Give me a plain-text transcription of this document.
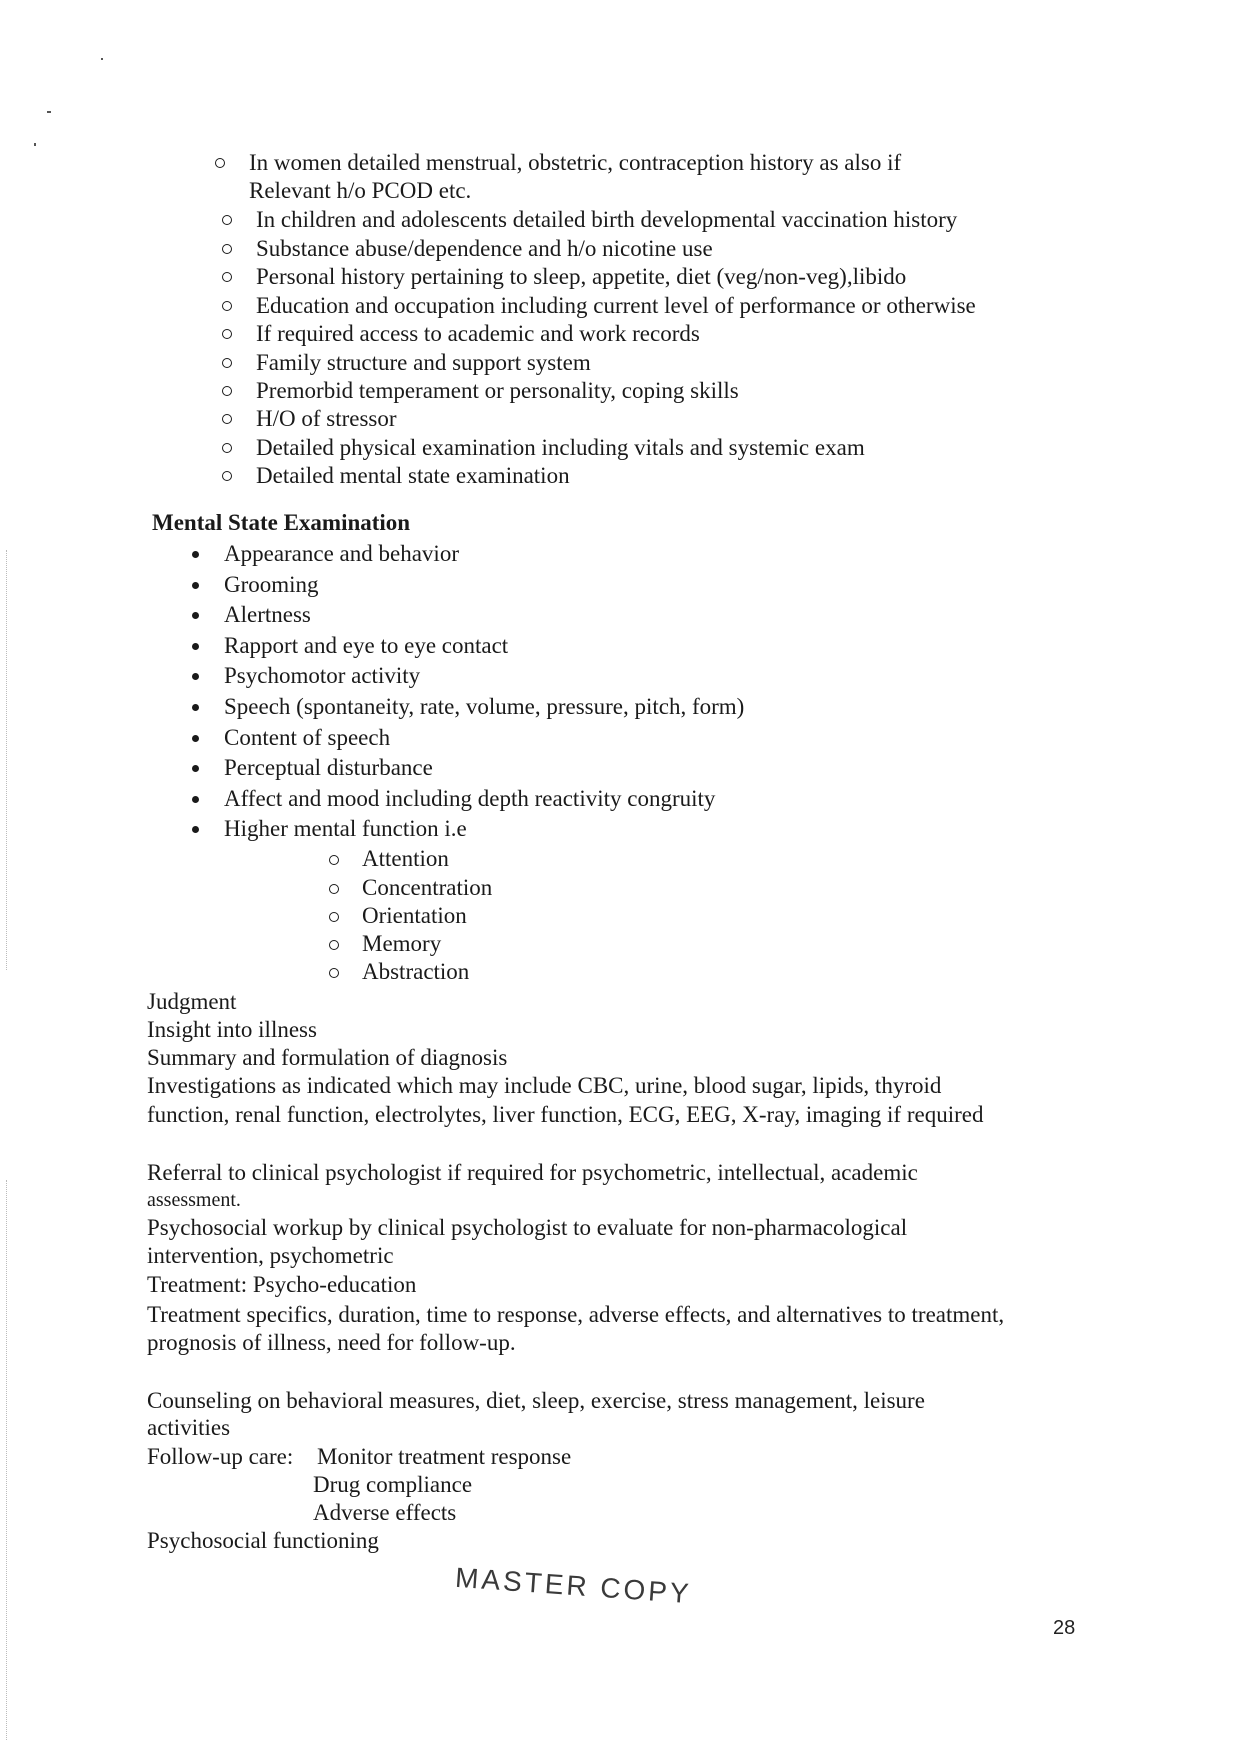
In women detailed menstrual, obstetric, contraception history as also if
Relevant h/o PCOD etc.
In children and adolescents detailed birth developmental vaccination history
Substance abuse/dependence and h/o nicotine use
Personal history pertaining to sleep, appetite, diet (veg/non-veg),libido
Education and occupation including current level of performance or otherwise
If required access to academic and work records
Family structure and support system
Premorbid temperament or personality, coping skills
H/O of stressor
Detailed physical examination including vitals and systemic exam
Detailed mental state examination
Mental State Examination
Appearance and behavior
Grooming
Alertness
Rapport and eye to eye contact
Psychomotor activity
Speech (spontaneity, rate, volume, pressure, pitch, form)
Content of speech
Perceptual disturbance
Affect and mood including depth reactivity congruity
Higher mental function i.e
Attention
Concentration
Orientation
Memory
Abstraction
Judgment
Insight into illness
Summary and formulation of diagnosis
Investigations as indicated which may include CBC, urine, blood sugar, lipids, thyroid
function, renal function, electrolytes, liver function, ECG, EEG, X-ray, imaging if required
Referral to clinical psychologist if required for psychometric, intellectual, academic
assessment.
Psychosocial workup by clinical psychologist to evaluate for non-pharmacological
intervention, psychometric
Treatment: Psycho-education
Treatment specifics, duration, time to response, adverse effects, and alternatives to treatment,
prognosis of illness, need for follow-up.
Counseling on behavioral measures, diet, sleep, exercise, stress management, leisure
activities
Follow-up care: Monitor treatment response
Drug compliance
Adverse effects
Psychosocial functioning
MASTER COPY
28
